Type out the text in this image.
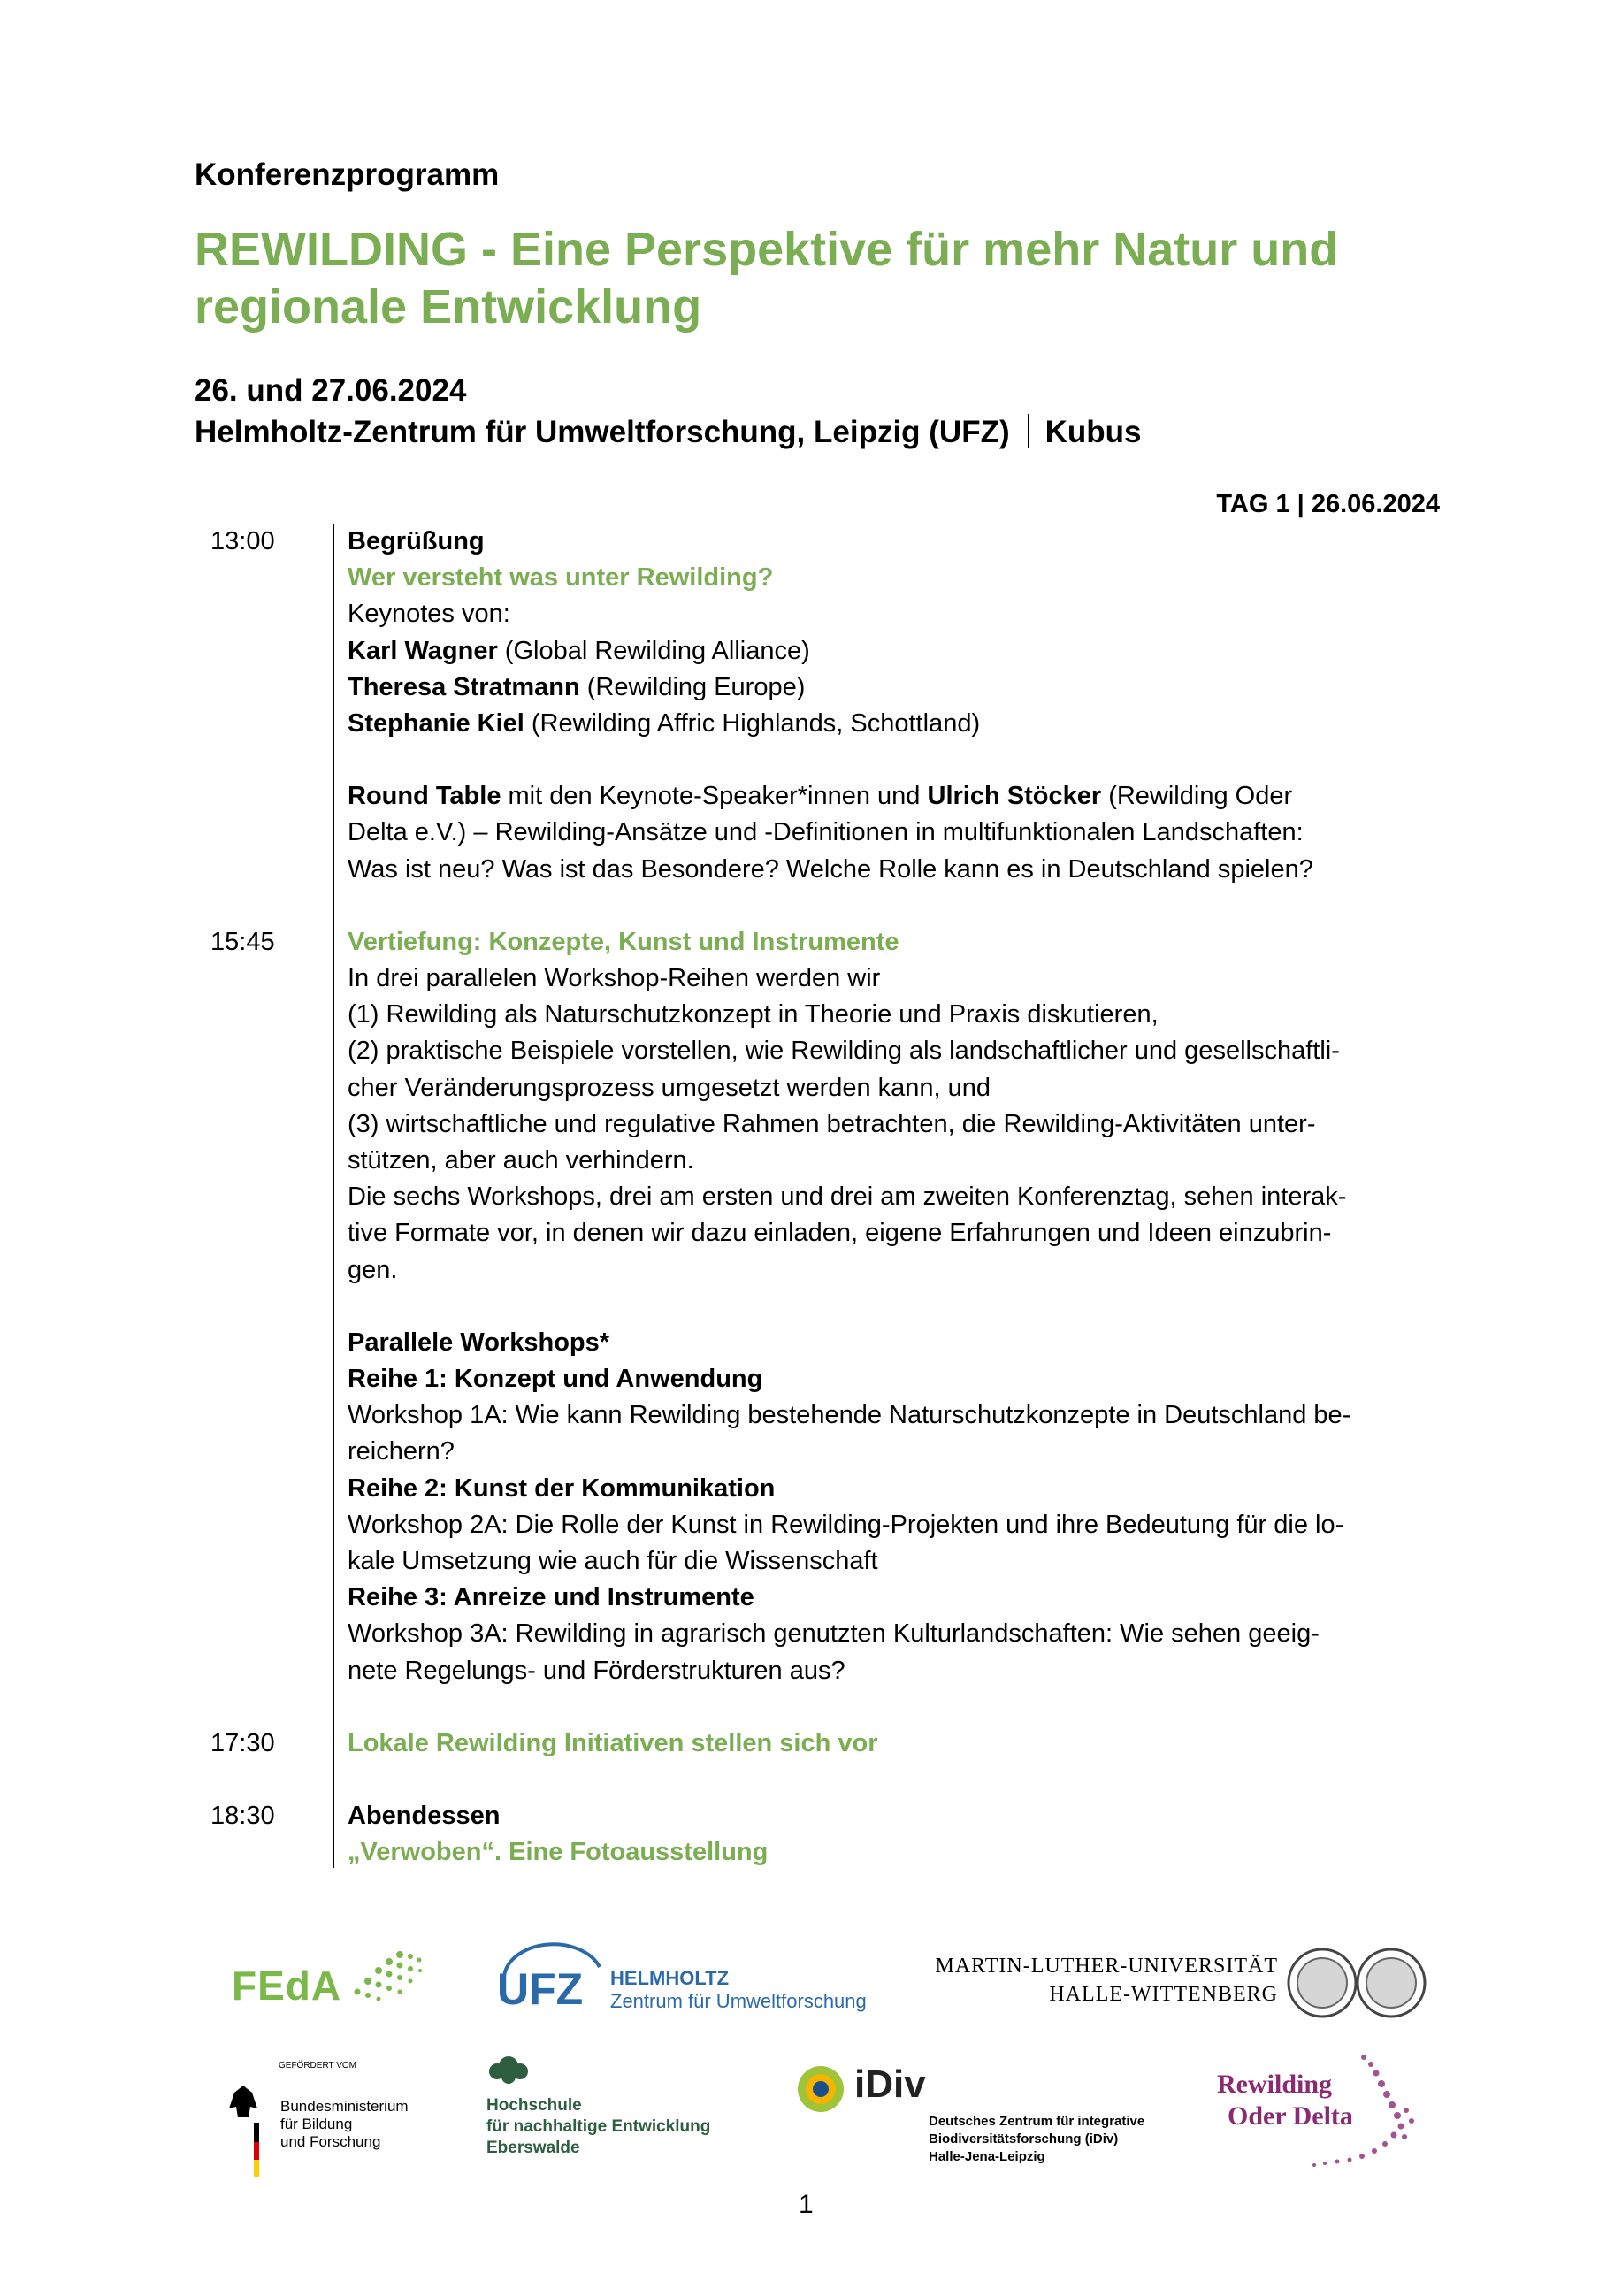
Konferenzprogramm
REWILDING - Eine Perspektive für mehr Natur und regionale Entwicklung
26. und 27.06.2024
Helmholtz-Zentrum für Umweltforschung, Leipzig (UFZ) Kubus
TAG 1 | 26.06.2024
13:00	Begrüßung
Wer versteht was unter Rewilding?
Keynotes von:
Karl Wagner (Global Rewilding Alliance)
Theresa Stratmann (Rewilding Europe)
Stephanie Kiel (Rewilding Affric Highlands, Schottland)
Round Table mit den Keynote-Speaker*innen und Ulrich Stöcker (Rewilding Oder
Delta e.V.) – Rewilding-Ansätze und -Definitionen in multifunktionalen Landschaften:
Was ist neu? Was ist das Besondere? Welche Rolle kann es in Deutschland spielen?
15:45	Vertiefung: Konzepte, Kunst und Instrumente
In drei parallelen Workshop-Reihen werden wir
(1) Rewilding als Naturschutzkonzept in Theorie und Praxis diskutieren,
(2) praktische Beispiele vorstellen, wie Rewilding als landschaftlicher und gesellschaftli-
cher Veränderungsprozess umgesetzt werden kann, und
(3) wirtschaftliche und regulative Rahmen betrachten, die Rewilding-Aktivitäten unter-
stützen, aber auch verhindern.
Die sechs Workshops, drei am ersten und drei am zweiten Konferenztag, sehen interak-
tive Formate vor, in denen wir dazu einladen, eigene Erfahrungen und Ideen einzubrin-
gen.
Parallele Workshops*
Reihe 1: Konzept und Anwendung
Workshop 1A: Wie kann Rewilding bestehende Naturschutzkonzepte in Deutschland be-
reichern?
Reihe 2: Kunst der Kommunikation
Workshop 2A: Die Rolle der Kunst in Rewilding-Projekten und ihre Bedeutung für die lo-
kale Umsetzung wie auch für die Wissenschaft
Reihe 3: Anreize und Instrumente
Workshop 3A: Rewilding in agrarisch genutzten Kulturlandschaften: Wie sehen geeig-
nete Regelungs- und Förderstrukturen aus?
17:30	Lokale Rewilding Initiativen stellen sich vor
18:30	Abendessen
„Verwoben“. Eine Fotoausstellung
FEdA	UFZ HELMHOLTZ
Zentrum für Umweltforschung
MARTIN-LUTHER-UNIVERSITÄT
HALLE-WITTENBERG
GEFÖRDERT VOM
Bundesministerium
für Bildung
und Forschung
Hochschule
für nachhaltige Entwicklung
Eberswalde
iDiv
Deutsches Zentrum für integrative
Biodiversitätsforschung (iDiv)
Halle-Jena-Leipzig
Rewilding
Oder Delta
1
